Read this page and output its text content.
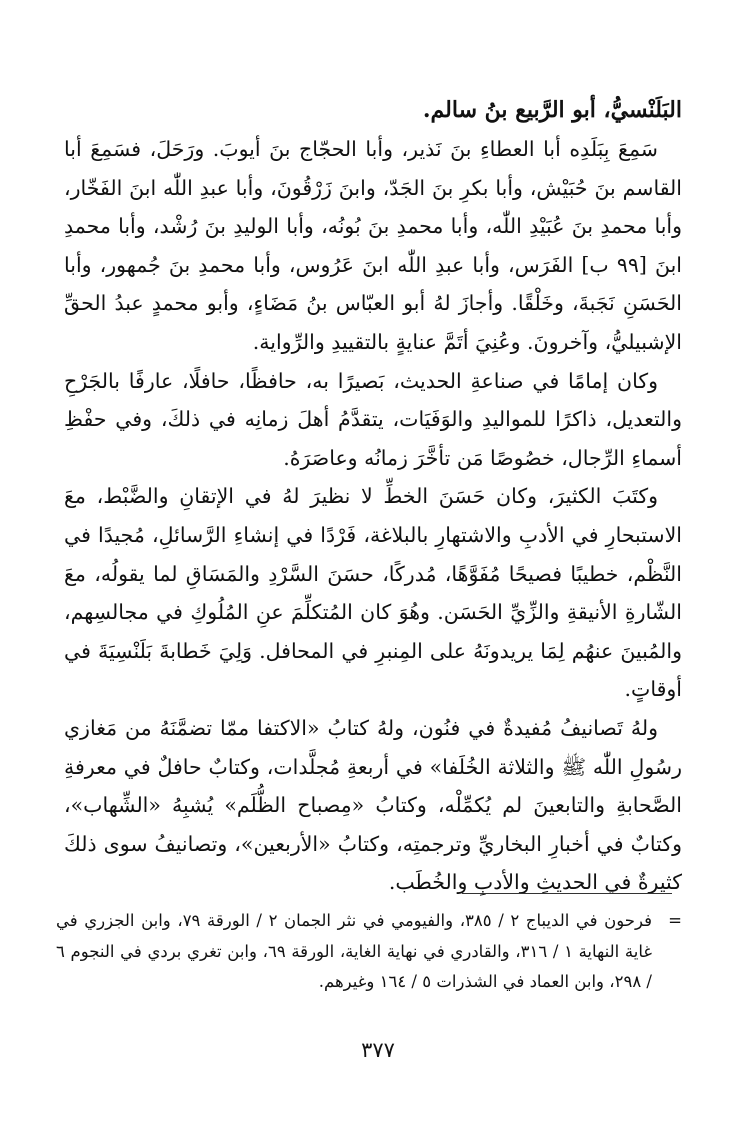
البَلَنْسيُّ، أبو الرَّبيع بنُ سالم.

سَمِعَ بِبَلَدِه أبا العطاءِ بنَ نَذير، وأبا الحجّاج بنَ أيوبَ. ورَحَلَ، فسَمِعَ أبا القاسم بنَ حُبَيْش، وأبا بكرِ بنَ الجَدّ، وابنَ زَرْقُونَ، وأبا عبدِ اللّٰه ابنَ الفَخّار، وأبا محمدِ بنَ عُبَيْدِ اللّٰه، وأبا محمدِ بنَ بُونُه، وأبا الوليدِ بنَ رُشْد، وأبا محمدِ ابنَ [٩٩ ب] الفَرَس، وأبا عبدِ اللّٰه ابنَ عَرُوس، وأبا محمدِ بنَ جُمهور، وأبا الحَسَنِ نَجَبةَ، وخَلْقًا. وأجازَ لهُ أبو العبّاس بنُ مَضَاءٍ، وأبو محمدٍ عبدُ الحقِّ الإشبيليُّ، وآخرونَ. وعُنِيَ أتَمَّ عنايةٍ بالتقييدِ والرِّواية.

وكان إمامًا في صناعةِ الحديث، بَصيرًا به، حافظًا، حافلًا، عارفًا بالجَرْحِ والتعديل، ذاكرًا للمواليدِ والوَفَيَات، يتقدَّمُ أهلَ زمانِه في ذلكَ، وفي حفْظِ أسماءِ الرِّجال، خصُوصًا مَن تأخَّرَ زمانُه وعاصَرَهُ.

وكتَبَ الكثيرَ، وكان حَسَنَ الخطِّ لا نظيرَ لهُ في الإتقانِ والضَّبْط، معَ الاستبحارِ في الأدبِ والاشتهارِ بالبلاغة، فَرْدًا في إنشاءِ الرَّسائلِ، مُجيدًا في النَّظْم، خطيبًا فصيحًا مُفَوَّهًا، مُدركًا، حسَنَ السَّرْدِ والمَسَاقِ لما يقولُه، معَ الشّارةِ الأنيقةِ والزِّيِّ الحَسَن. وهُوَ كان المُتكلِّمَ عنِ المُلُوكِ في مجالسِهم، والمُبينَ عنهُم لِمَا يريدونَهُ على المِنبرِ في المحافل. وَلِيَ خَطابةَ بَلَنْسِيَةَ في أوقاتٍ.

ولهُ تَصانيفُ مُفيدةٌ في فنُون، ولهُ كتابُ «الاكتفا ممّا تضمَّنَهُ من مَغازي رسُولِ اللّٰه ﷺ والثلاثة الخُلَفا» في أربعةِ مُجلَّدات، وكتابٌ حافلٌ في معرفةِ الصَّحابةِ والتابعينَ لم يُكمِّلْه، وكتابُ «مِصباح الظُّلَم» يُشبِهُ «الشِّهاب»، وكتابٌ في أخبارِ البخاريِّ وترجمتِه، وكتابُ «الأربعين»، وتصانيفُ سوى ذلكَ كثيرةٌ في الحديثِ والأدبِ والخُطَب.

=

فرحون في الديباج ٢ / ٣٨٥، والفيومي في نثر الجمان ٢ / الورقة ٧٩، وابن الجزري في غاية النهاية ١ / ٣١٦، والقادري في نهاية الغاية، الورقة ٦٩، وابن تغري بردي في النجوم ٦ / ٢٩٨، وابن العماد في الشذرات ٥ / ١٦٤ وغيرهم.

٣٧٧
